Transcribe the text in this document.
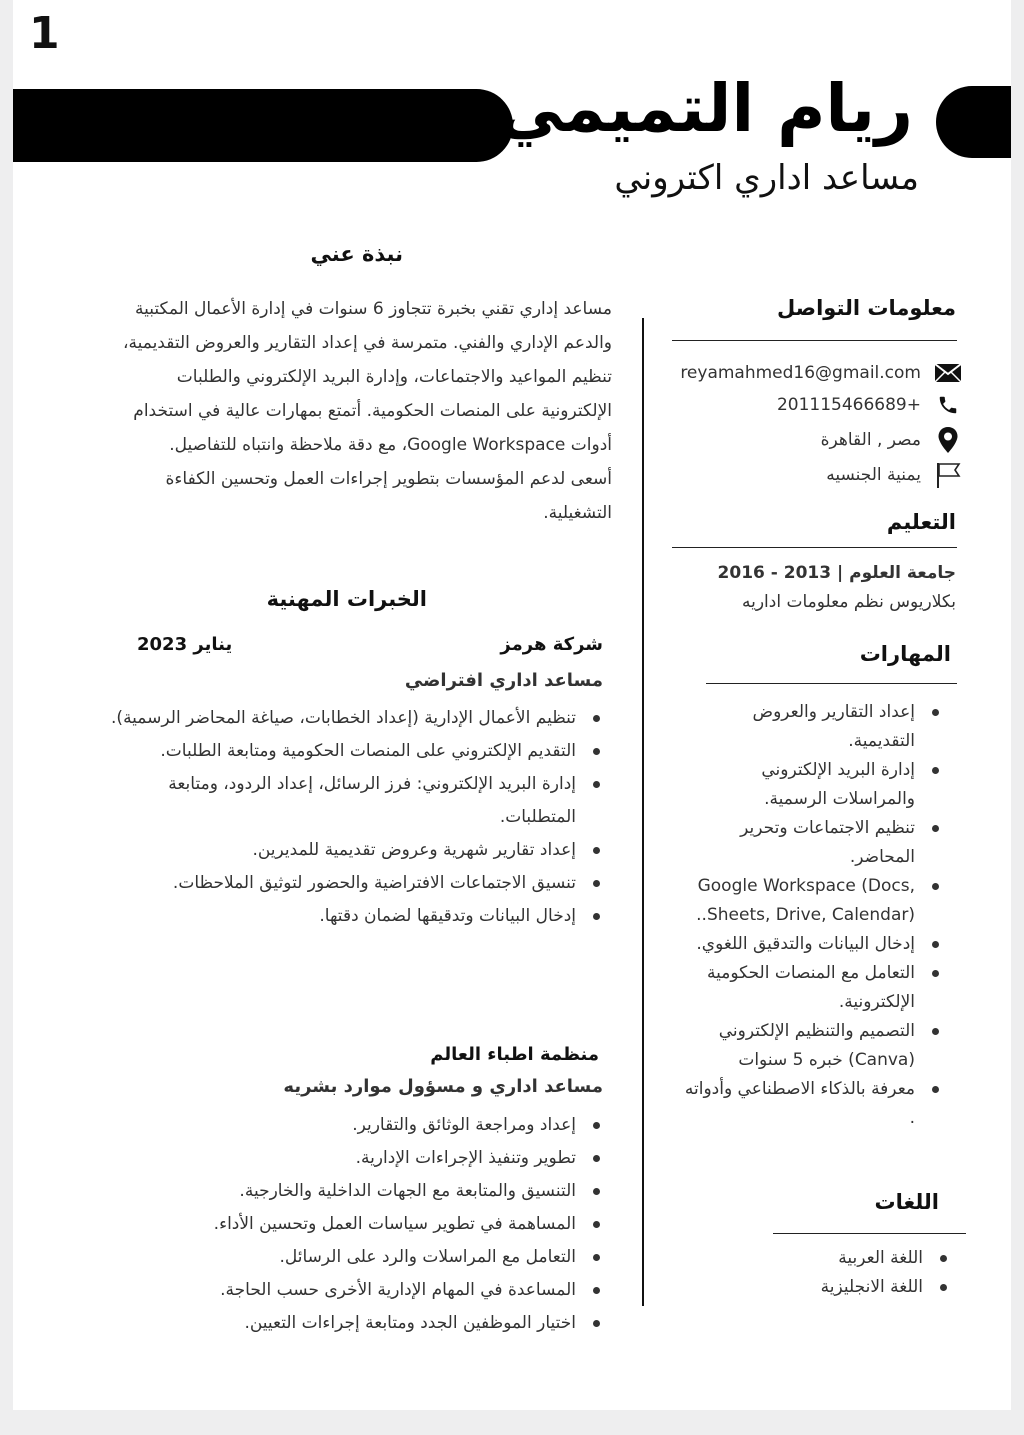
1
ريام التميمي
مساعد اداري اكتروني
معلومات التواصل
reyamahmed16@gmail.com
+201115466689
مصر , القاهرة
يمنية الجنسيه
التعليم
جامعة العلوم | 2013 - 2016
بكلاريوس نظم معلومات اداريه
المهارات
إعداد التقارير والعروض التقديمية.
إدارة البريد الإلكتروني والمراسلات الرسمية.
تنظيم الاجتماعات وتحرير المحاضر.
Google Workspace (Docs, Sheets, Drive, Calendar)..
إدخال البيانات والتدقيق اللغوي.
التعامل مع المنصات الحكومية الإلكترونية.
التصميم والتنظيم الإلكتروني (Canva) خبره 5 سنوات
معرفة بالذكاء الاصطناعي وأدواته .
اللغات
اللغة العربية
اللغة الانجليزية
نبذة عني
مساعد إداري تقني بخبرة تتجاوز 6 سنوات في إدارة الأعمال المكتبية والدعم الإداري والفني. متمرسة في إعداد التقارير والعروض التقديمية، تنظيم المواعيد والاجتماعات، وإدارة البريد الإلكتروني والطلبات الإلكترونية على المنصات الحكومية. أتمتع بمهارات عالية في استخدام أدوات Google Workspace، مع دقة ملاحظة وانتباه للتفاصيل. أسعى لدعم المؤسسات بتطوير إجراءات العمل وتحسين الكفاءة التشغيلية.
الخبرات المهنية
شركة هرمز
يناير 2023
مساعد اداري افتراضي
تنظيم الأعمال الإدارية (إعداد الخطابات، صياغة المحاضر الرسمية).
التقديم الإلكتروني على المنصات الحكومية ومتابعة الطلبات.
إدارة البريد الإلكتروني: فرز الرسائل، إعداد الردود، ومتابعة المتطلبات.
إعداد تقارير شهرية وعروض تقديمية للمديرين.
تنسيق الاجتماعات الافتراضية والحضور لتوثيق الملاحظات.
إدخال البيانات وتدقيقها لضمان دقتها.
منظمة اطباء العالم
مساعد اداري و مسؤول موارد بشريه
إعداد ومراجعة الوثائق والتقارير.
تطوير وتنفيذ الإجراءات الإدارية.
التنسيق والمتابعة مع الجهات الداخلية والخارجية.
المساهمة في تطوير سياسات العمل وتحسين الأداء.
التعامل مع المراسلات والرد على الرسائل.
المساعدة في المهام الإدارية الأخرى حسب الحاجة.
اختيار الموظفين الجدد ومتابعة إجراءات التعيين.
